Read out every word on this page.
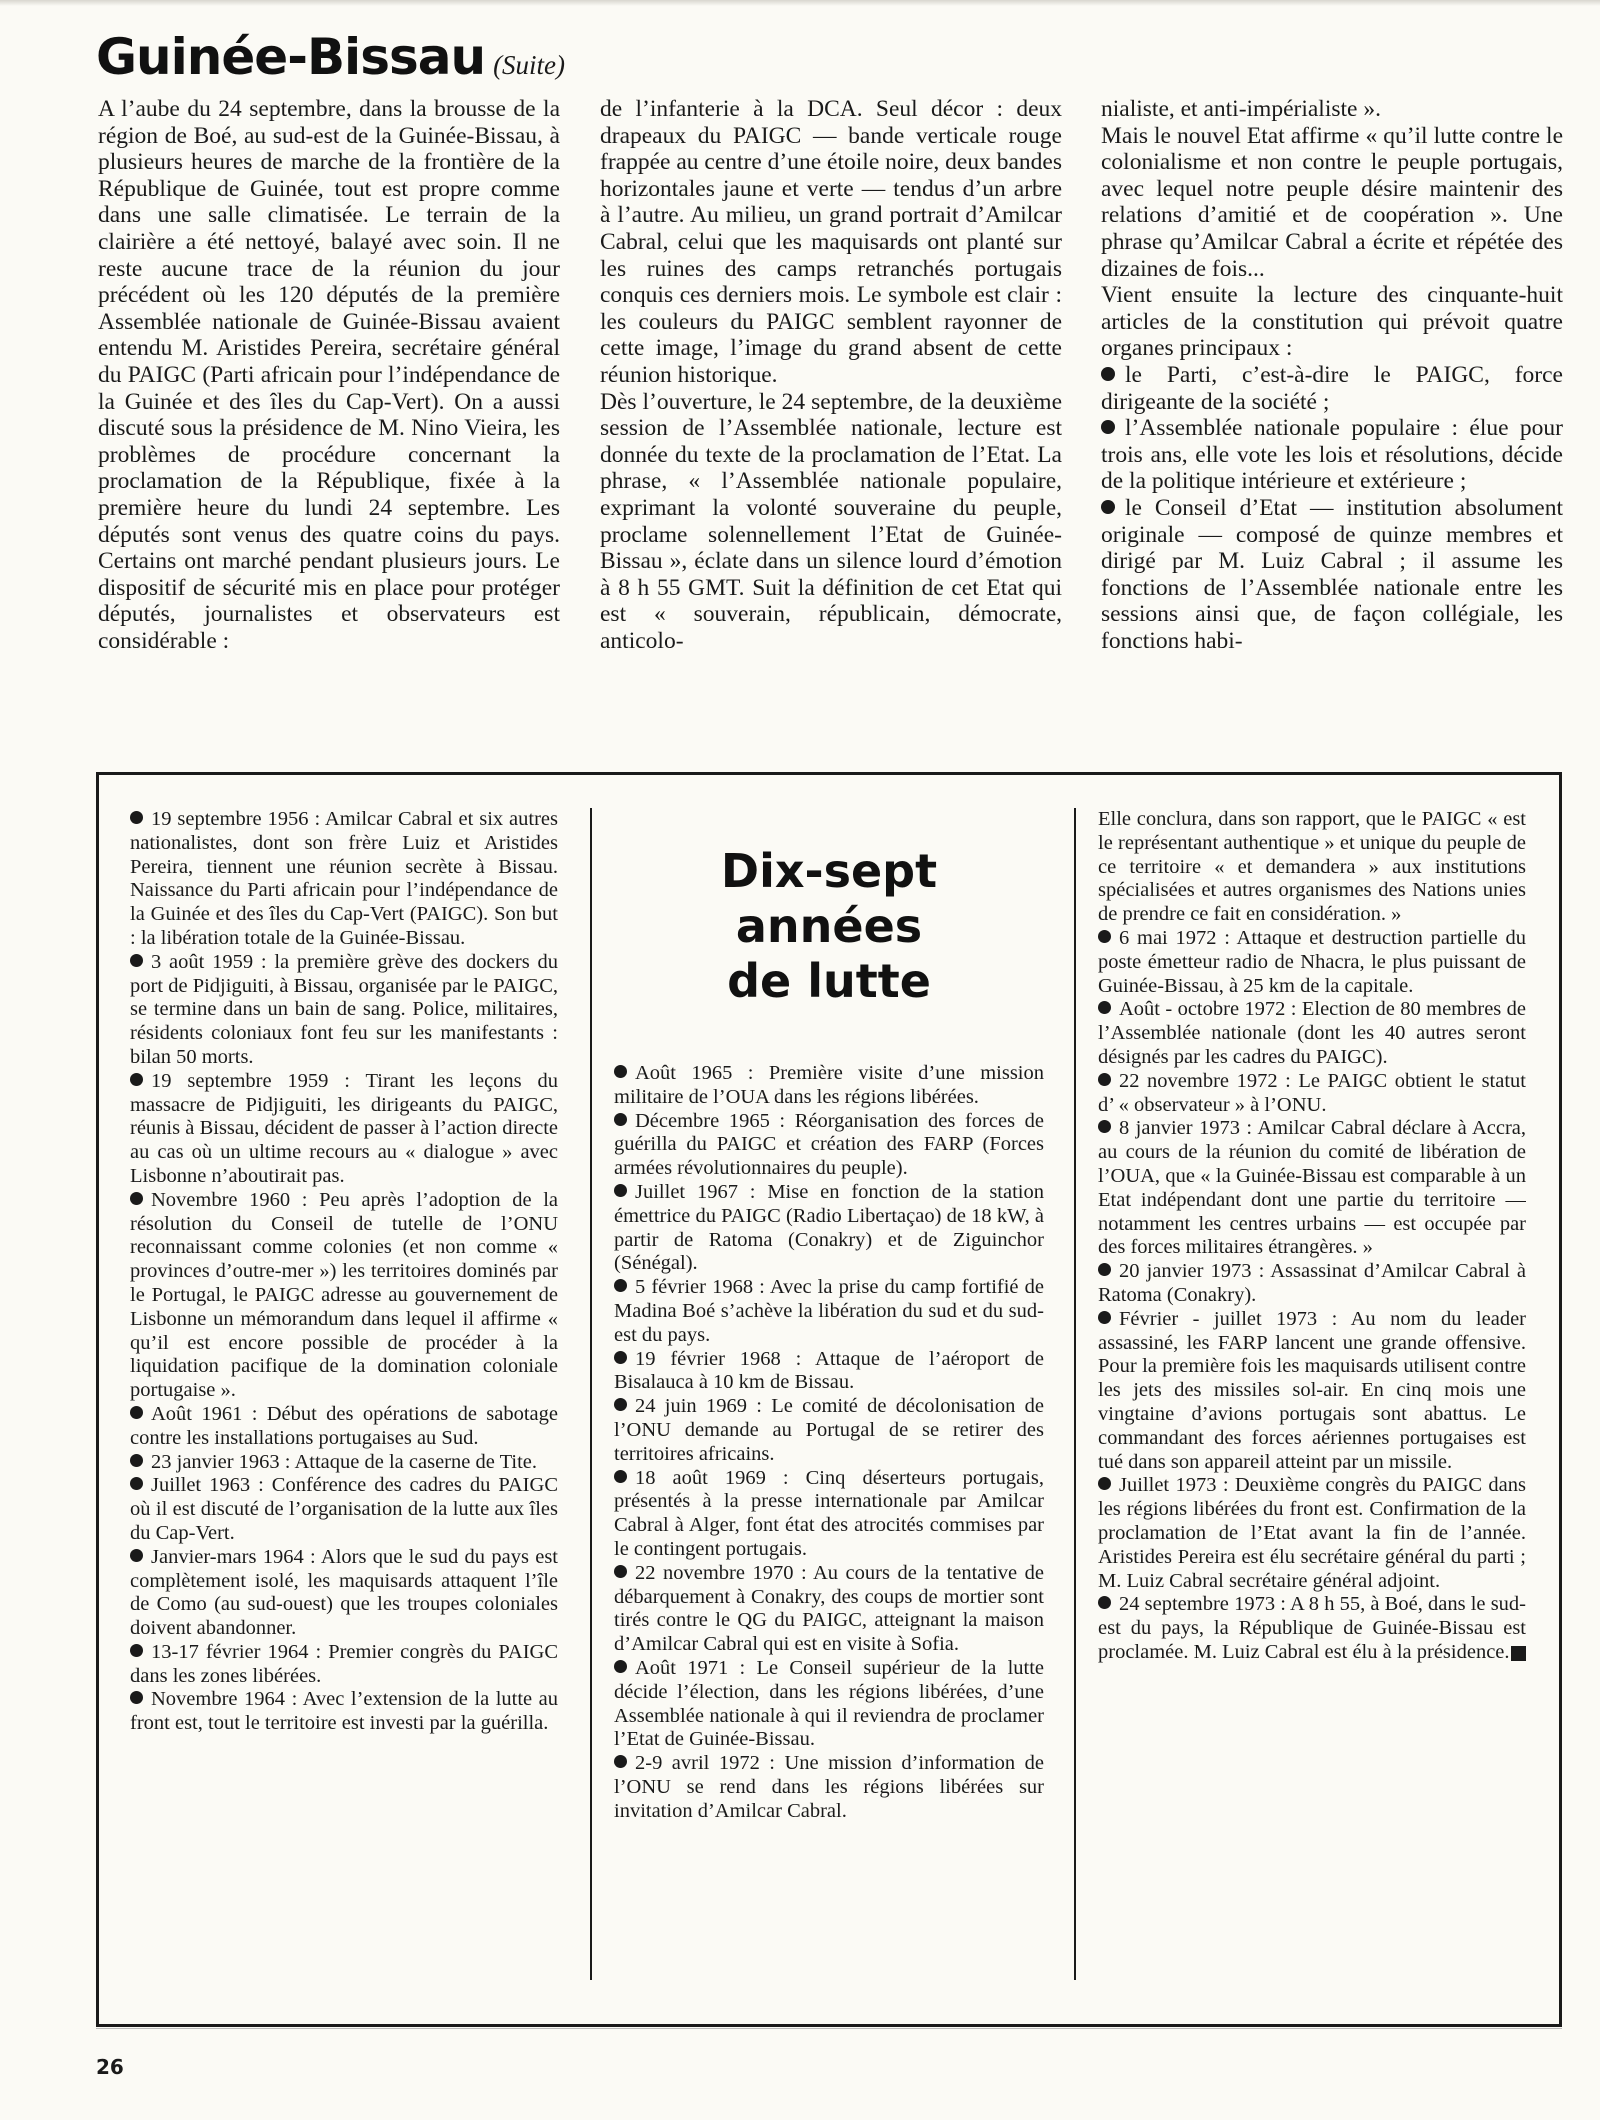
Guinée-Bissau (Suite)

A l’aube du 24 septembre, dans la brousse de la région de Boé, au sud-est de la Guinée-Bissau, à plusieurs heures de marche de la frontière de la République de Guinée, tout est propre comme dans une salle climatisée. Le terrain de la clairière a été nettoyé, balayé avec soin. Il ne reste aucune trace de la réunion du jour précédent où les 120 députés de la première Assemblée nationale de Guinée-Bissau avaient entendu M. Aristides Pereira, secrétaire général du PAIGC (Parti africain pour l’indépendance de la Guinée et des îles du Cap-Vert). On a aussi discuté sous la présidence de M. Nino Vieira, les problèmes de procédure concernant la proclamation de la République, fixée à la première heure du lundi 24 septembre. Les députés sont venus des quatre coins du pays. Certains ont marché pendant plusieurs jours. Le dispositif de sécurité mis en place pour protéger députés, journalistes et observateurs est considérable :

de l’infanterie à la DCA. Seul décor : deux drapeaux du PAIGC — bande verticale rouge frappée au centre d’une étoile noire, deux bandes horizontales jaune et verte — tendus d’un arbre à l’autre. Au milieu, un grand portrait d’Amilcar Cabral, celui que les maquisards ont planté sur les ruines des camps retranchés portugais conquis ces derniers mois. Le symbole est clair : les couleurs du PAIGC semblent rayonner de cette image, l’image du grand absent de cette réunion historique.

Dès l’ouverture, le 24 septembre, de la deuxième session de l’Assemblée nationale, lecture est donnée du texte de la proclamation de l’Etat. La phrase, « l’Assemblée nationale populaire, exprimant la volonté souveraine du peuple, proclame solennellement l’Etat de Guinée-Bissau », éclate dans un silence lourd d’émotion à 8 h 55 GMT. Suit la définition de cet Etat qui est « souverain, républicain, démocrate, anticolo-

nialiste, et anti-impérialiste ».

Mais le nouvel Etat affirme « qu’il lutte contre le colonialisme et non contre le peuple portugais, avec lequel notre peuple désire maintenir des relations d’amitié et de coopération ». Une phrase qu’Amilcar Cabral a écrite et répétée des dizaines de fois...

Vient ensuite la lecture des cinquante-huit articles de la constitution qui prévoit quatre organes principaux :

le Parti, c’est-à-dire le PAIGC, force dirigeante de la société ;

l’Assemblée nationale populaire : élue pour trois ans, elle vote les lois et résolutions, décide de la politique intérieure et extérieure ;

le Conseil d’Etat — institution absolument originale — composé de quinze membres et dirigé par M. Luiz Cabral ; il assume les fonctions de l’Assemblée nationale entre les sessions ainsi que, de façon collégiale, les fonctions habi-

Dix-sept
années
de lutte

19 septembre 1956 : Amilcar Cabral et six autres nationalistes, dont son frère Luiz et Aristides Pereira, tiennent une réunion secrète à Bissau. Naissance du Parti africain pour l’indépendance de la Guinée et des îles du Cap-Vert (PAIGC). Son but : la libération totale de la Guinée-Bissau.

3 août 1959 : la première grève des dockers du port de Pidjiguiti, à Bissau, organisée par le PAIGC, se termine dans un bain de sang. Police, militaires, résidents coloniaux font feu sur les manifestants : bilan 50 morts.

19 septembre 1959 : Tirant les leçons du massacre de Pidjiguiti, les dirigeants du PAIGC, réunis à Bissau, décident de passer à l’action directe au cas où un ultime recours au « dialogue » avec Lisbonne n’aboutirait pas.

Novembre 1960 : Peu après l’adoption de la résolution du Conseil de tutelle de l’ONU reconnaissant comme colonies (et non comme « provinces d’outre-mer ») les territoires dominés par le Portugal, le PAIGC adresse au gouvernement de Lisbonne un mémorandum dans lequel il affirme « qu’il est encore possible de procéder à la liquidation pacifique de la domination coloniale portugaise ».

Août 1961 : Début des opérations de sabotage contre les installations portugaises au Sud.

23 janvier 1963 : Attaque de la caserne de Tite.

Juillet 1963 : Conférence des cadres du PAIGC où il est discuté de l’organisation de la lutte aux îles du Cap-Vert.

Janvier-mars 1964 : Alors que le sud du pays est complètement isolé, les maquisards attaquent l’île de Como (au sud-ouest) que les troupes coloniales doivent abandonner.

13-17 février 1964 : Premier congrès du PAIGC dans les zones libérées.

Novembre 1964 : Avec l’extension de la lutte au front est, tout le territoire est investi par la guérilla.

Août 1965 : Première visite d’une mission militaire de l’OUA dans les régions libérées.

Décembre 1965 : Réorganisation des forces de guérilla du PAIGC et création des FARP (Forces armées révolutionnaires du peuple).

Juillet 1967 : Mise en fonction de la station émettrice du PAIGC (Radio Libertaçao) de 18 kW, à partir de Ratoma (Conakry) et de Ziguinchor (Sénégal).

5 février 1968 : Avec la prise du camp fortifié de Madina Boé s’achève la libération du sud et du sud-est du pays.

19 février 1968 : Attaque de l’aéroport de Bisalauca à 10 km de Bissau.

24 juin 1969 : Le comité de décolonisation de l’ONU demande au Portugal de se retirer des territoires africains.

18 août 1969 : Cinq déserteurs portugais, présentés à la presse internationale par Amilcar Cabral à Alger, font état des atrocités commises par le contingent portugais.

22 novembre 1970 : Au cours de la tentative de débarquement à Conakry, des coups de mortier sont tirés contre le QG du PAIGC, atteignant la maison d’Amilcar Cabral qui est en visite à Sofia.

Août 1971 : Le Conseil supérieur de la lutte décide l’élection, dans les régions libérées, d’une Assemblée nationale à qui il reviendra de proclamer l’Etat de Guinée-Bissau.

2-9 avril 1972 : Une mission d’information de l’ONU se rend dans les régions libérées sur invitation d’Amilcar Cabral.

Elle conclura, dans son rapport, que le PAIGC « est le représentant authentique » et unique du peuple de ce territoire « et demandera » aux institutions spécialisées et autres organismes des Nations unies de prendre ce fait en considération. »

6 mai 1972 : Attaque et destruction partielle du poste émetteur radio de Nhacra, le plus puissant de Guinée-Bissau, à 25 km de la capitale.

Août - octobre 1972 : Election de 80 membres de l’Assemblée nationale (dont les 40 autres seront désignés par les cadres du PAIGC).

22 novembre 1972 : Le PAIGC obtient le statut d’ « observateur » à l’ONU.

8 janvier 1973 : Amilcar Cabral déclare à Accra, au cours de la réunion du comité de libération de l’OUA, que « la Guinée-Bissau est comparable à un Etat indépendant dont une partie du territoire — notamment les centres urbains — est occupée par des forces militaires étrangères. »

20 janvier 1973 : Assassinat d’Amilcar Cabral à Ratoma (Conakry).

Février - juillet 1973 : Au nom du leader assassiné, les FARP lancent une grande offensive. Pour la première fois les maquisards utilisent contre les jets des missiles sol-air. En cinq mois une vingtaine d’avions portugais sont abattus. Le commandant des forces aériennes portugaises est tué dans son appareil atteint par un missile.

Juillet 1973 : Deuxième congrès du PAIGC dans les régions libérées du front est. Confirmation de la proclamation de l’Etat avant la fin de l’année. Aristides Pereira est élu secrétaire général du parti ; M. Luiz Cabral secrétaire général adjoint.

24 septembre 1973 : A 8 h 55, à Boé, dans le sud-est du pays, la République de Guinée-Bissau est proclamée. M. Luiz Cabral est élu à la présidence.

26
